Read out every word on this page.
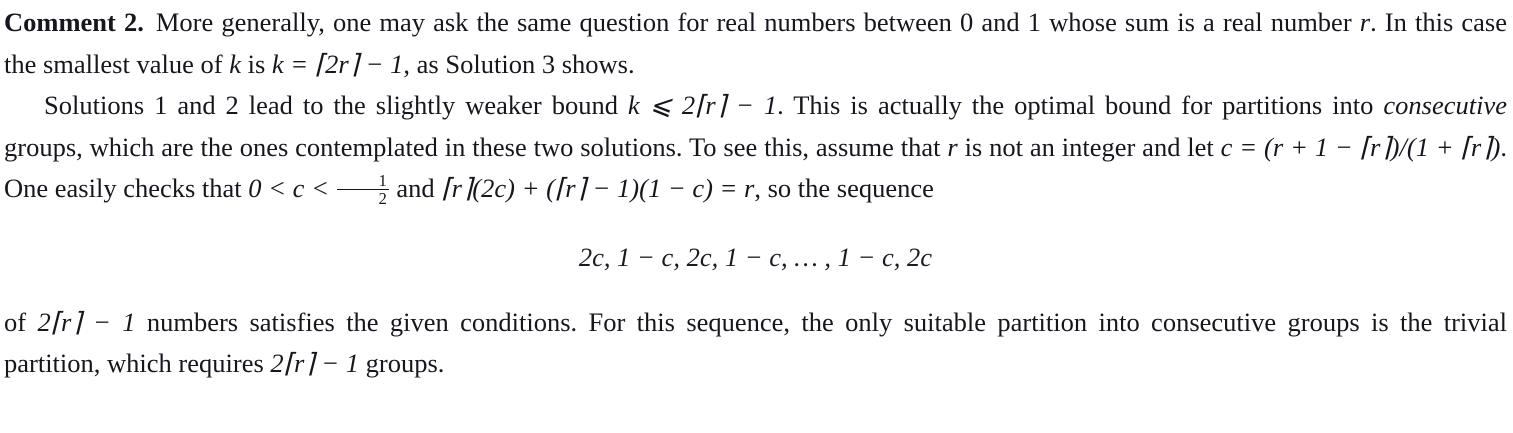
Comment 2. More generally, one may ask the same question for real numbers between 0 and 1 whose sum is a real number r. In this case the smallest value of k is k = ⌈2r⌉ − 1, as Solution 3 shows.

Solutions 1 and 2 lead to the slightly weaker bound k ⩽ 2⌈r⌉ − 1. This is actually the optimal bound for partitions into consecutive groups, which are the ones contemplated in these two solutions. To see this, assume that r is not an integer and let c = (r + 1 − ⌈r⌉)/(1 + ⌈r⌉). One easily checks that $0 < c < \frac{1}{2}$ and ⌈r⌉(2c) + (⌈r⌉ − 1)(1 − c) = r, so the sequence

2c, 1 − c, 2c, 1 − c, … , 1 − c, 2c

of 2⌈r⌉ − 1 numbers satisfies the given conditions. For this sequence, the only suitable partition into consecutive groups is the trivial partition, which requires 2⌈r⌉ − 1 groups.
